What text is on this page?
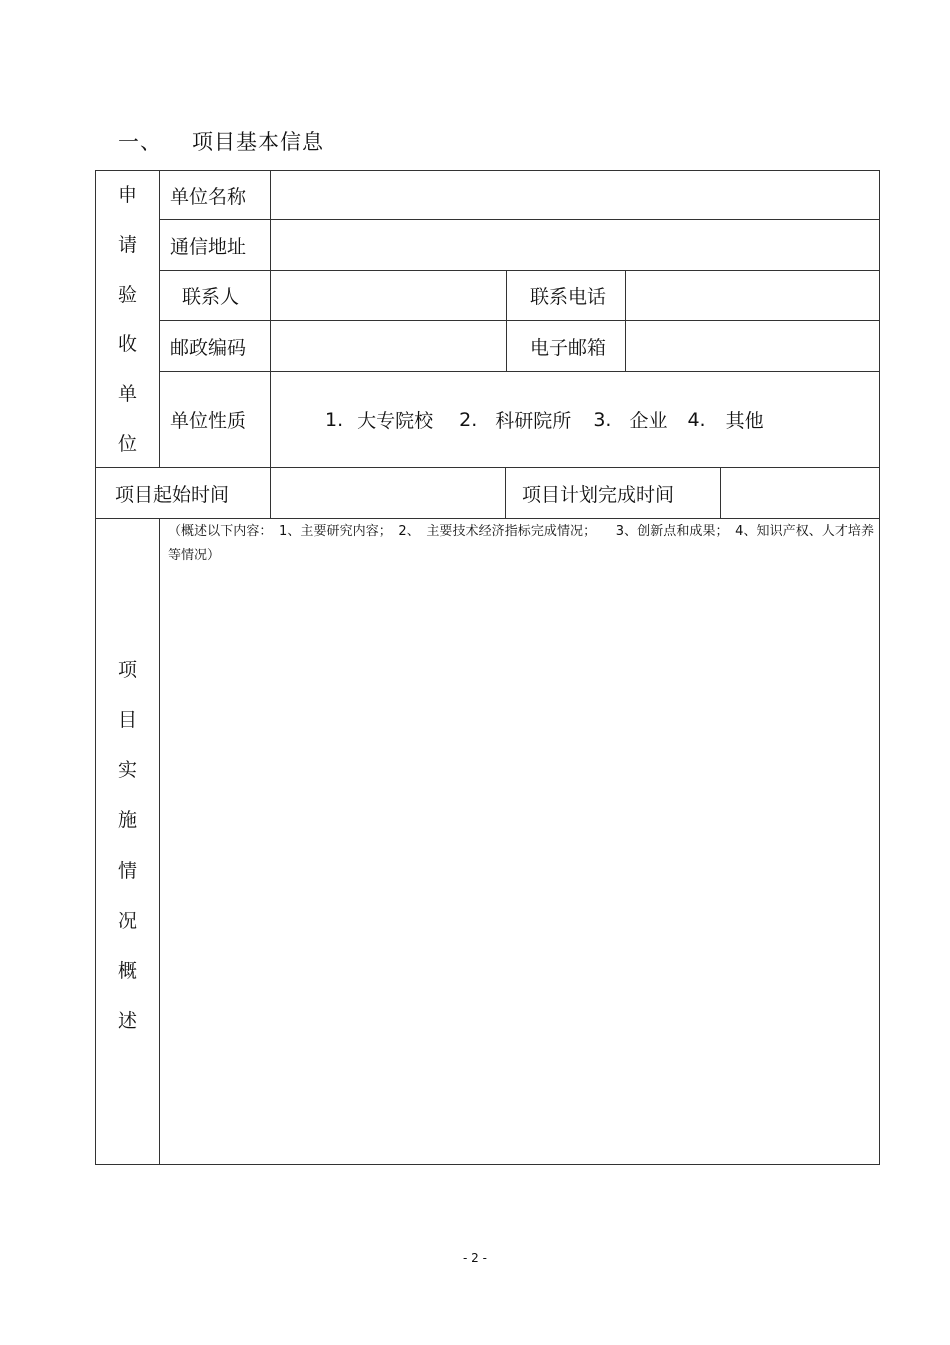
一、 项目基本信息
申
请
验
收
单
位
单位名称
通信地址
联系人	联系电话
邮政编码	电子邮箱
单位性质	1. 大专院校 2. 科研院所 3. 企业 4. 其他
项目起始时间	项目计划完成时间
项
目
实
施
情
况
概
述
（概述以下内容：　1、主要研究内容；　2、　主要技术经济指标完成情况；　　3、创新点和成果；　4、知识产权、人才培养等情况）
- 2 -
